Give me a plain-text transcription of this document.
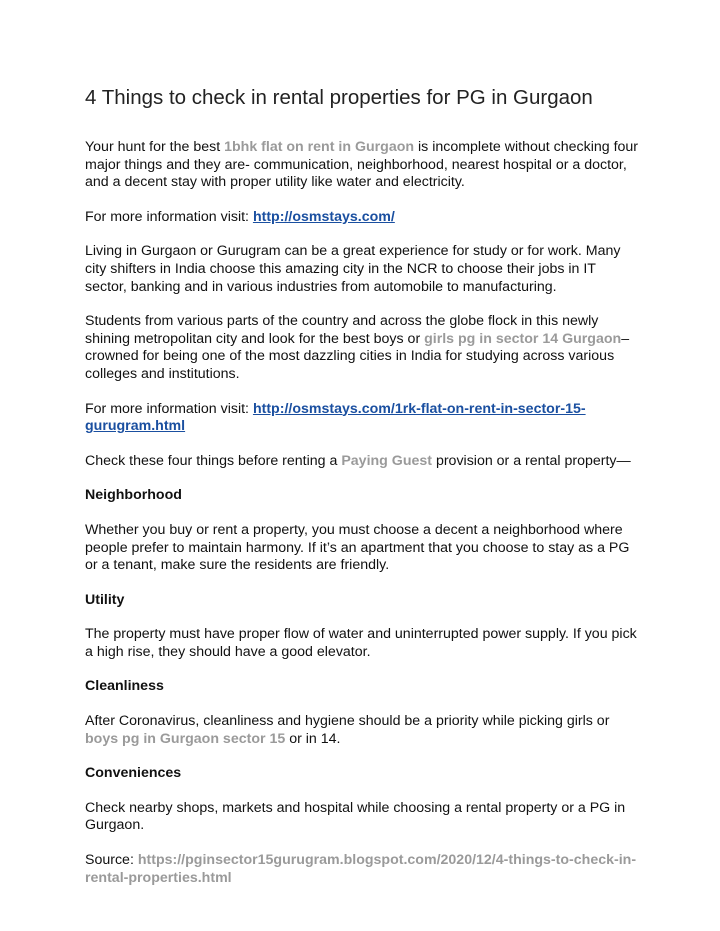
4 Things to check in rental properties for PG in Gurgaon

Your hunt for the best 1bhk flat on rent in Gurgaon is incomplete without checking four major things and they are- communication, neighborhood, nearest hospital or a doctor, and a decent stay with proper utility like water and electricity.

For more information visit: http://osmstays.com/

Living in Gurgaon or Gurugram can be a great experience for study or for work. Many city shifters in India choose this amazing city in the NCR to choose their jobs in IT sector, banking and in various industries from automobile to manufacturing.

Students from various parts of the country and across the globe flock in this newly shining metropolitan city and look for the best boys or girls pg in sector 14 Gurgaon– crowned for being one of the most dazzling cities in India for studying across various colleges and institutions.

For more information visit: http://osmstays.com/1rk-flat-on-rent-in-sector-15-gurugram.html

Check these four things before renting a Paying Guest provision or a rental property—

Neighborhood

Whether you buy or rent a property, you must choose a decent a neighborhood where people prefer to maintain harmony. If it’s an apartment that you choose to stay as a PG or a tenant, make sure the residents are friendly.

Utility

The property must have proper flow of water and uninterrupted power supply. If you pick a high rise, they should have a good elevator.

Cleanliness

After Coronavirus, cleanliness and hygiene should be a priority while picking girls or boys pg in Gurgaon sector 15 or in 14.

Conveniences

Check nearby shops, markets and hospital while choosing a rental property or a PG in Gurgaon.

Source: https://pginsector15gurugram.blogspot.com/2020/12/4-things-to-check-in-rental-properties.html
